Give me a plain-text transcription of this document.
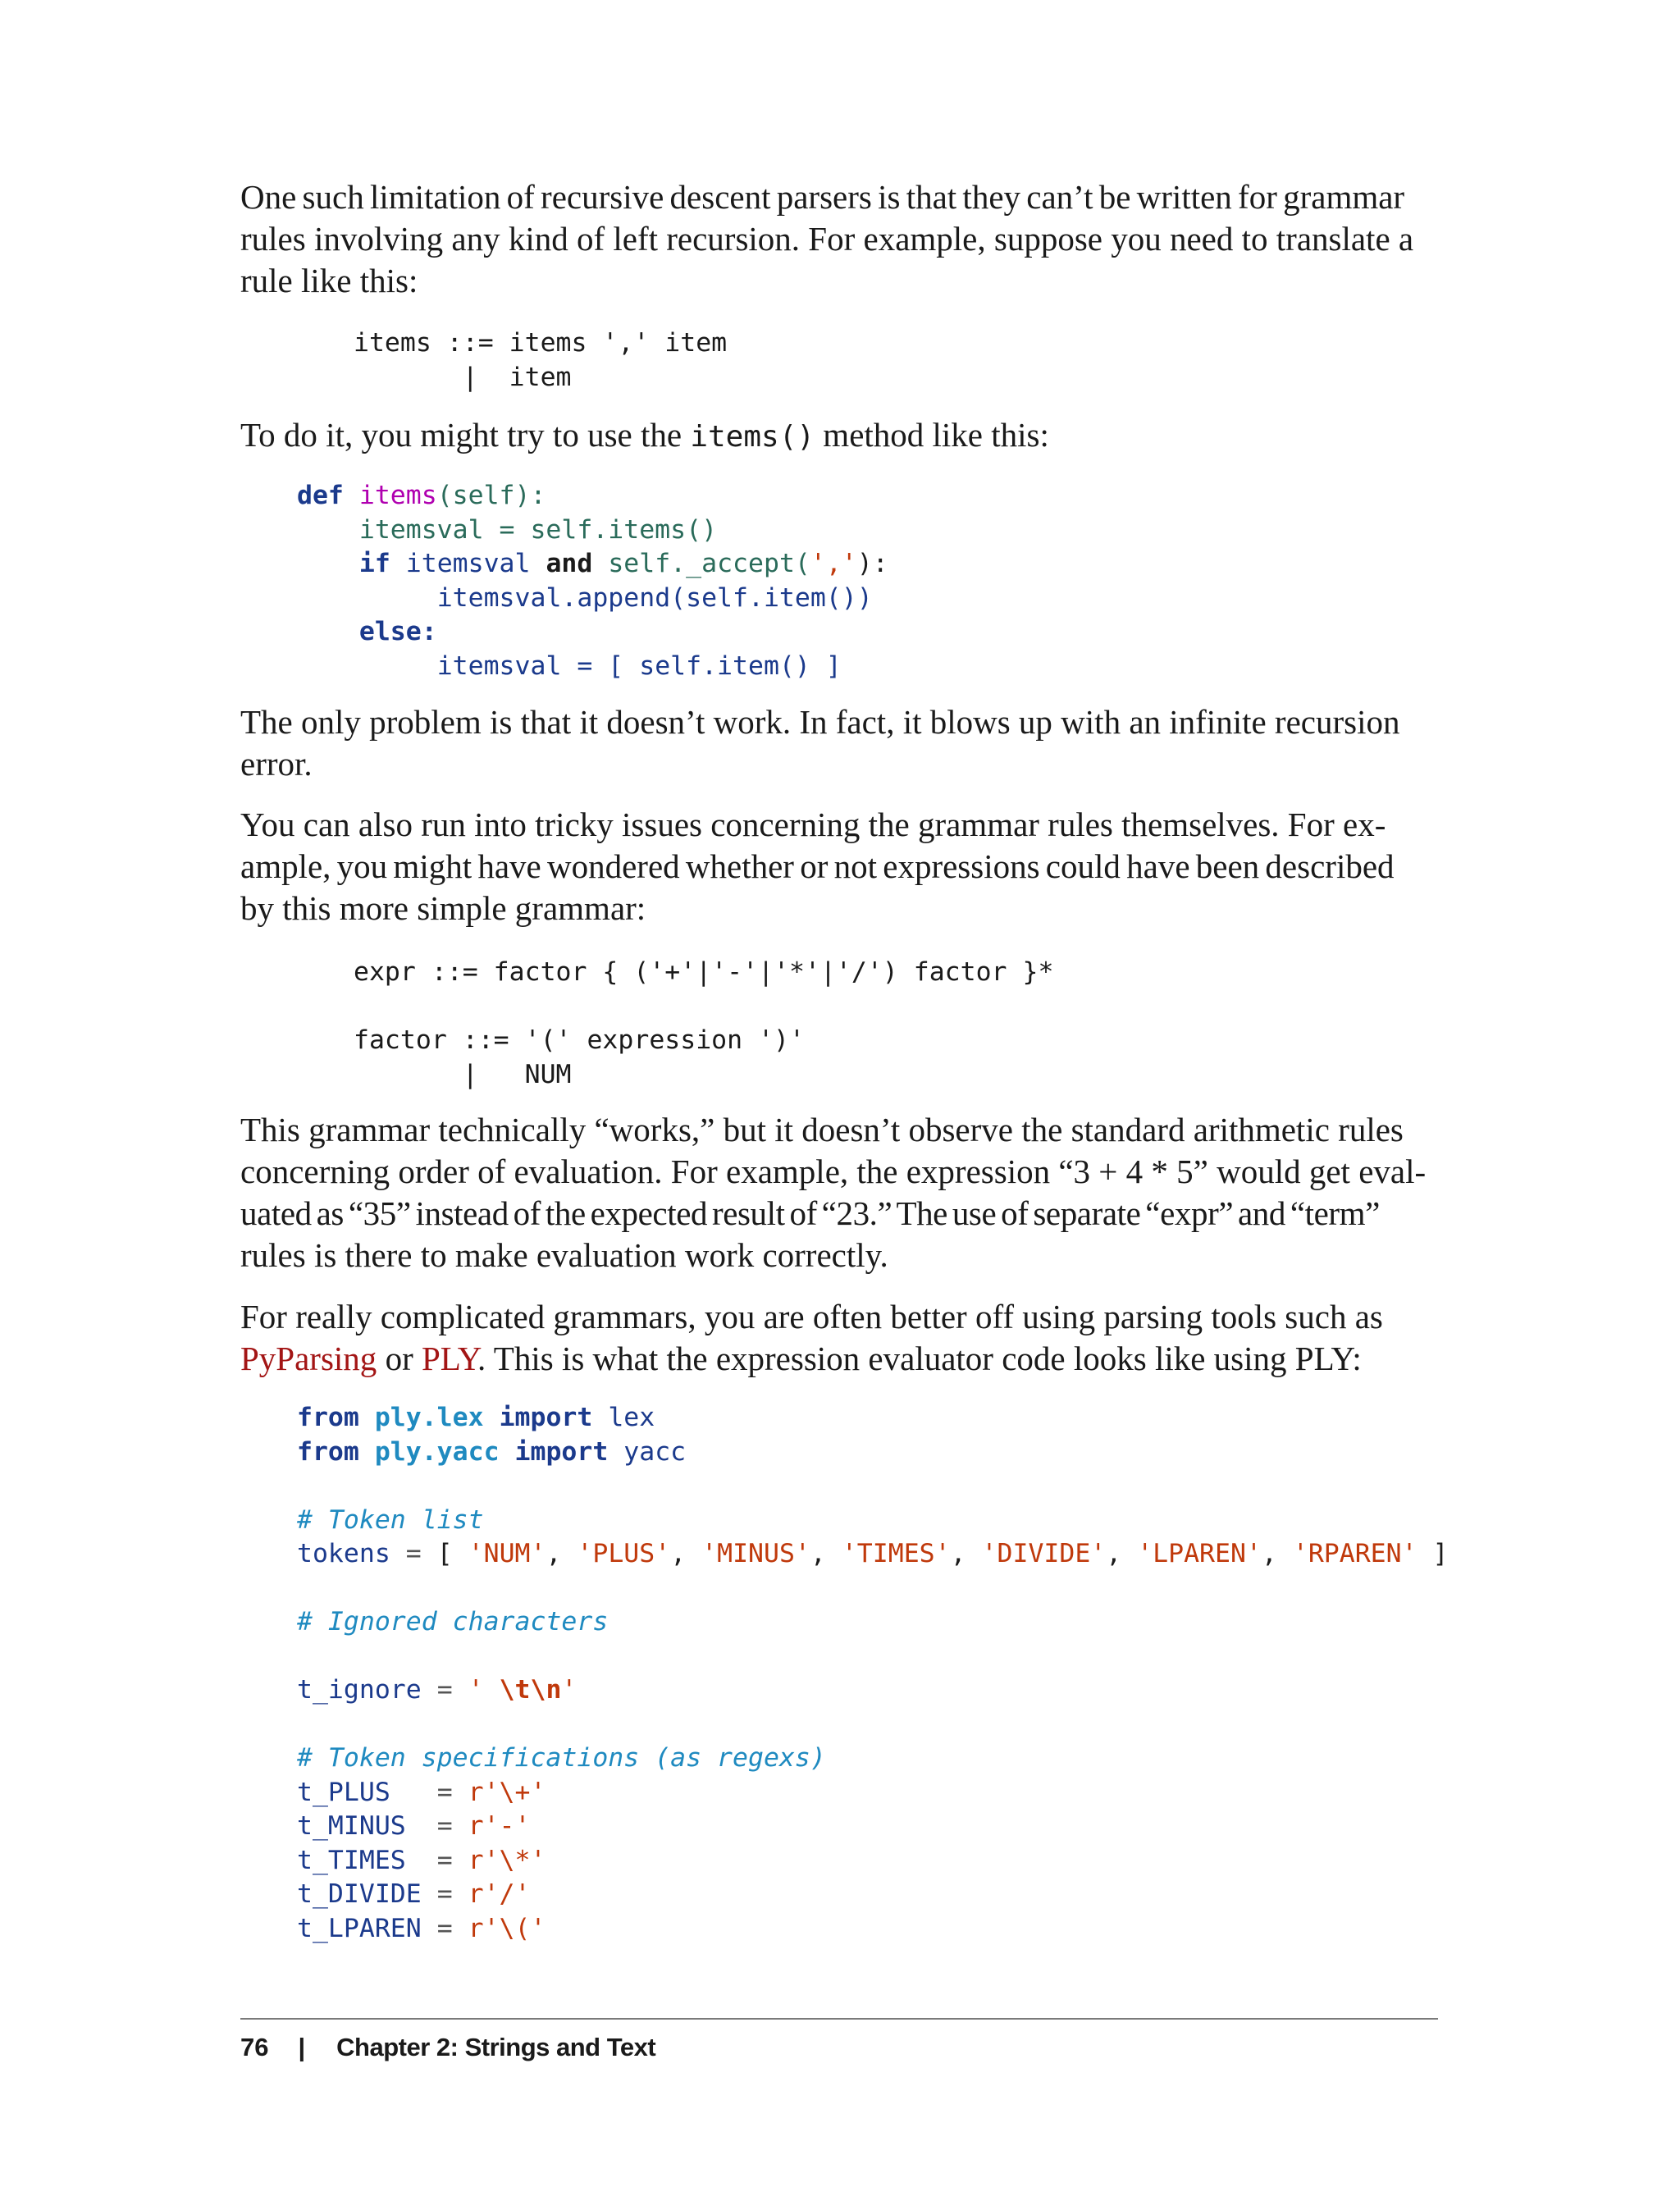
One such limitation of recursive descent parsers is that they can’t be written for grammar
rules involving any kind of left recursion. For example, suppose you need to translate a
rule like this:

items ::= items ',' item
|  item

To do it, you might try to use the items() method like this:

def items(self):
itemsval = self.items()
if itemsval and self._accept(','):
itemsval.append(self.item())
else:
itemsval = [ self.item() ]

The only problem is that it doesn’t work. In fact, it blows up with an infinite recursion
error.

You can also run into tricky issues concerning the grammar rules themselves. For ex-
ample, you might have wondered whether or not expressions could have been described
by this more simple grammar:

expr ::= factor { ('+'|'-'|'*'|'/') factor }*
factor ::= '(' expression ')'
|   NUM

This grammar technically “works,” but it doesn’t observe the standard arithmetic rules
concerning order of evaluation. For example, the expression “3 + 4 * 5” would get eval-
uated as “35” instead of the expected result of “23.” The use of separate “expr” and “term”
rules is there to make evaluation work correctly.

For really complicated grammars, you are often better off using parsing tools such as
PyParsing or PLY. This is what the expression evaluator code looks like using PLY:

from ply.lex import lex
from ply.yacc import yacc
# Token list
tokens = [ 'NUM', 'PLUS', 'MINUS', 'TIMES', 'DIVIDE', 'LPAREN', 'RPAREN' ]
# Ignored characters
t_ignore = ' \t\n'
# Token specifications (as regexs)
t_PLUS   = r'\+'
t_MINUS  = r'-'
t_TIMES  = r'\*'
t_DIVIDE = r'/'
t_LPAREN = r'\('
76 | Chapter 2: Strings and Text
